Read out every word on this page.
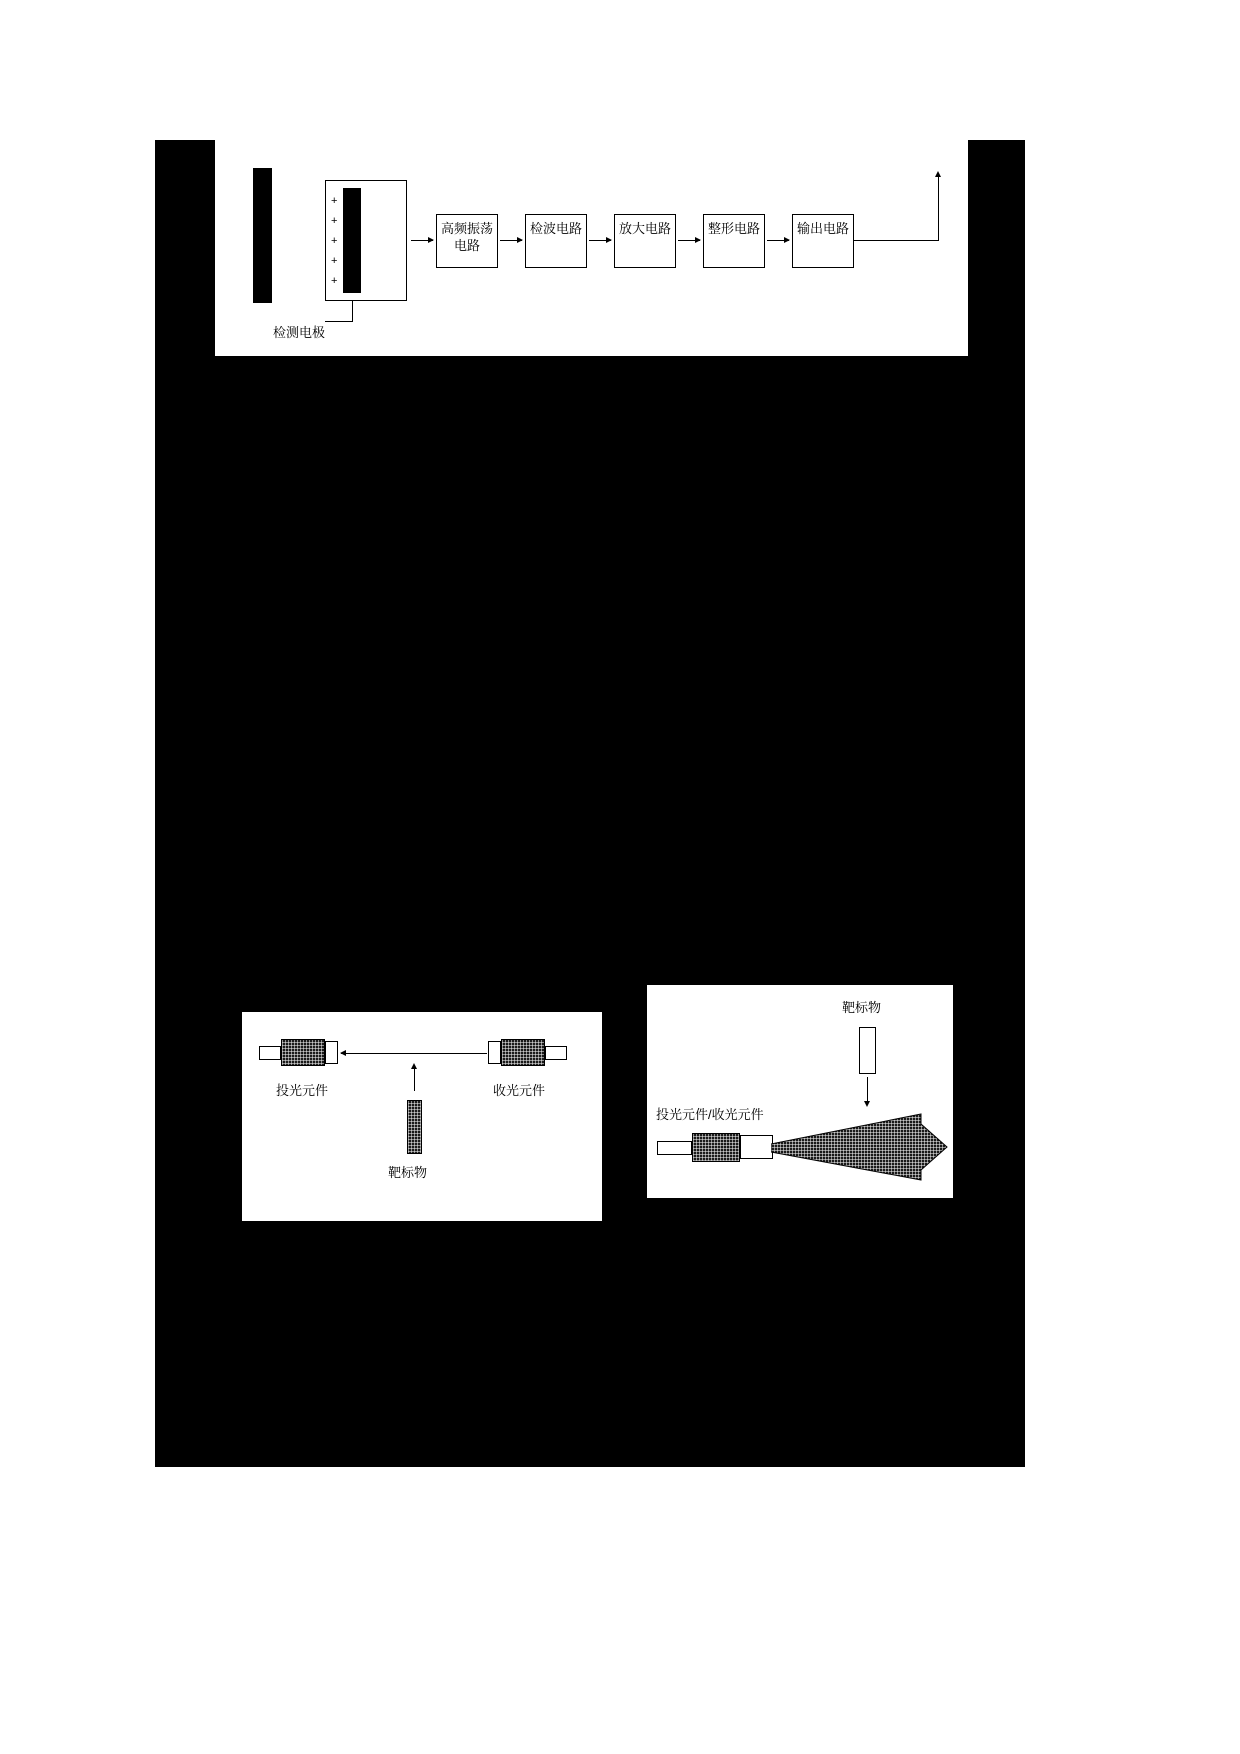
+
+
+
+
+
检测电极
高频振荡电路
检波电路	放大电路	整形电路	输出电路
投光元件	收光元件
靶标物
靶标物
投光元件/收光元件
